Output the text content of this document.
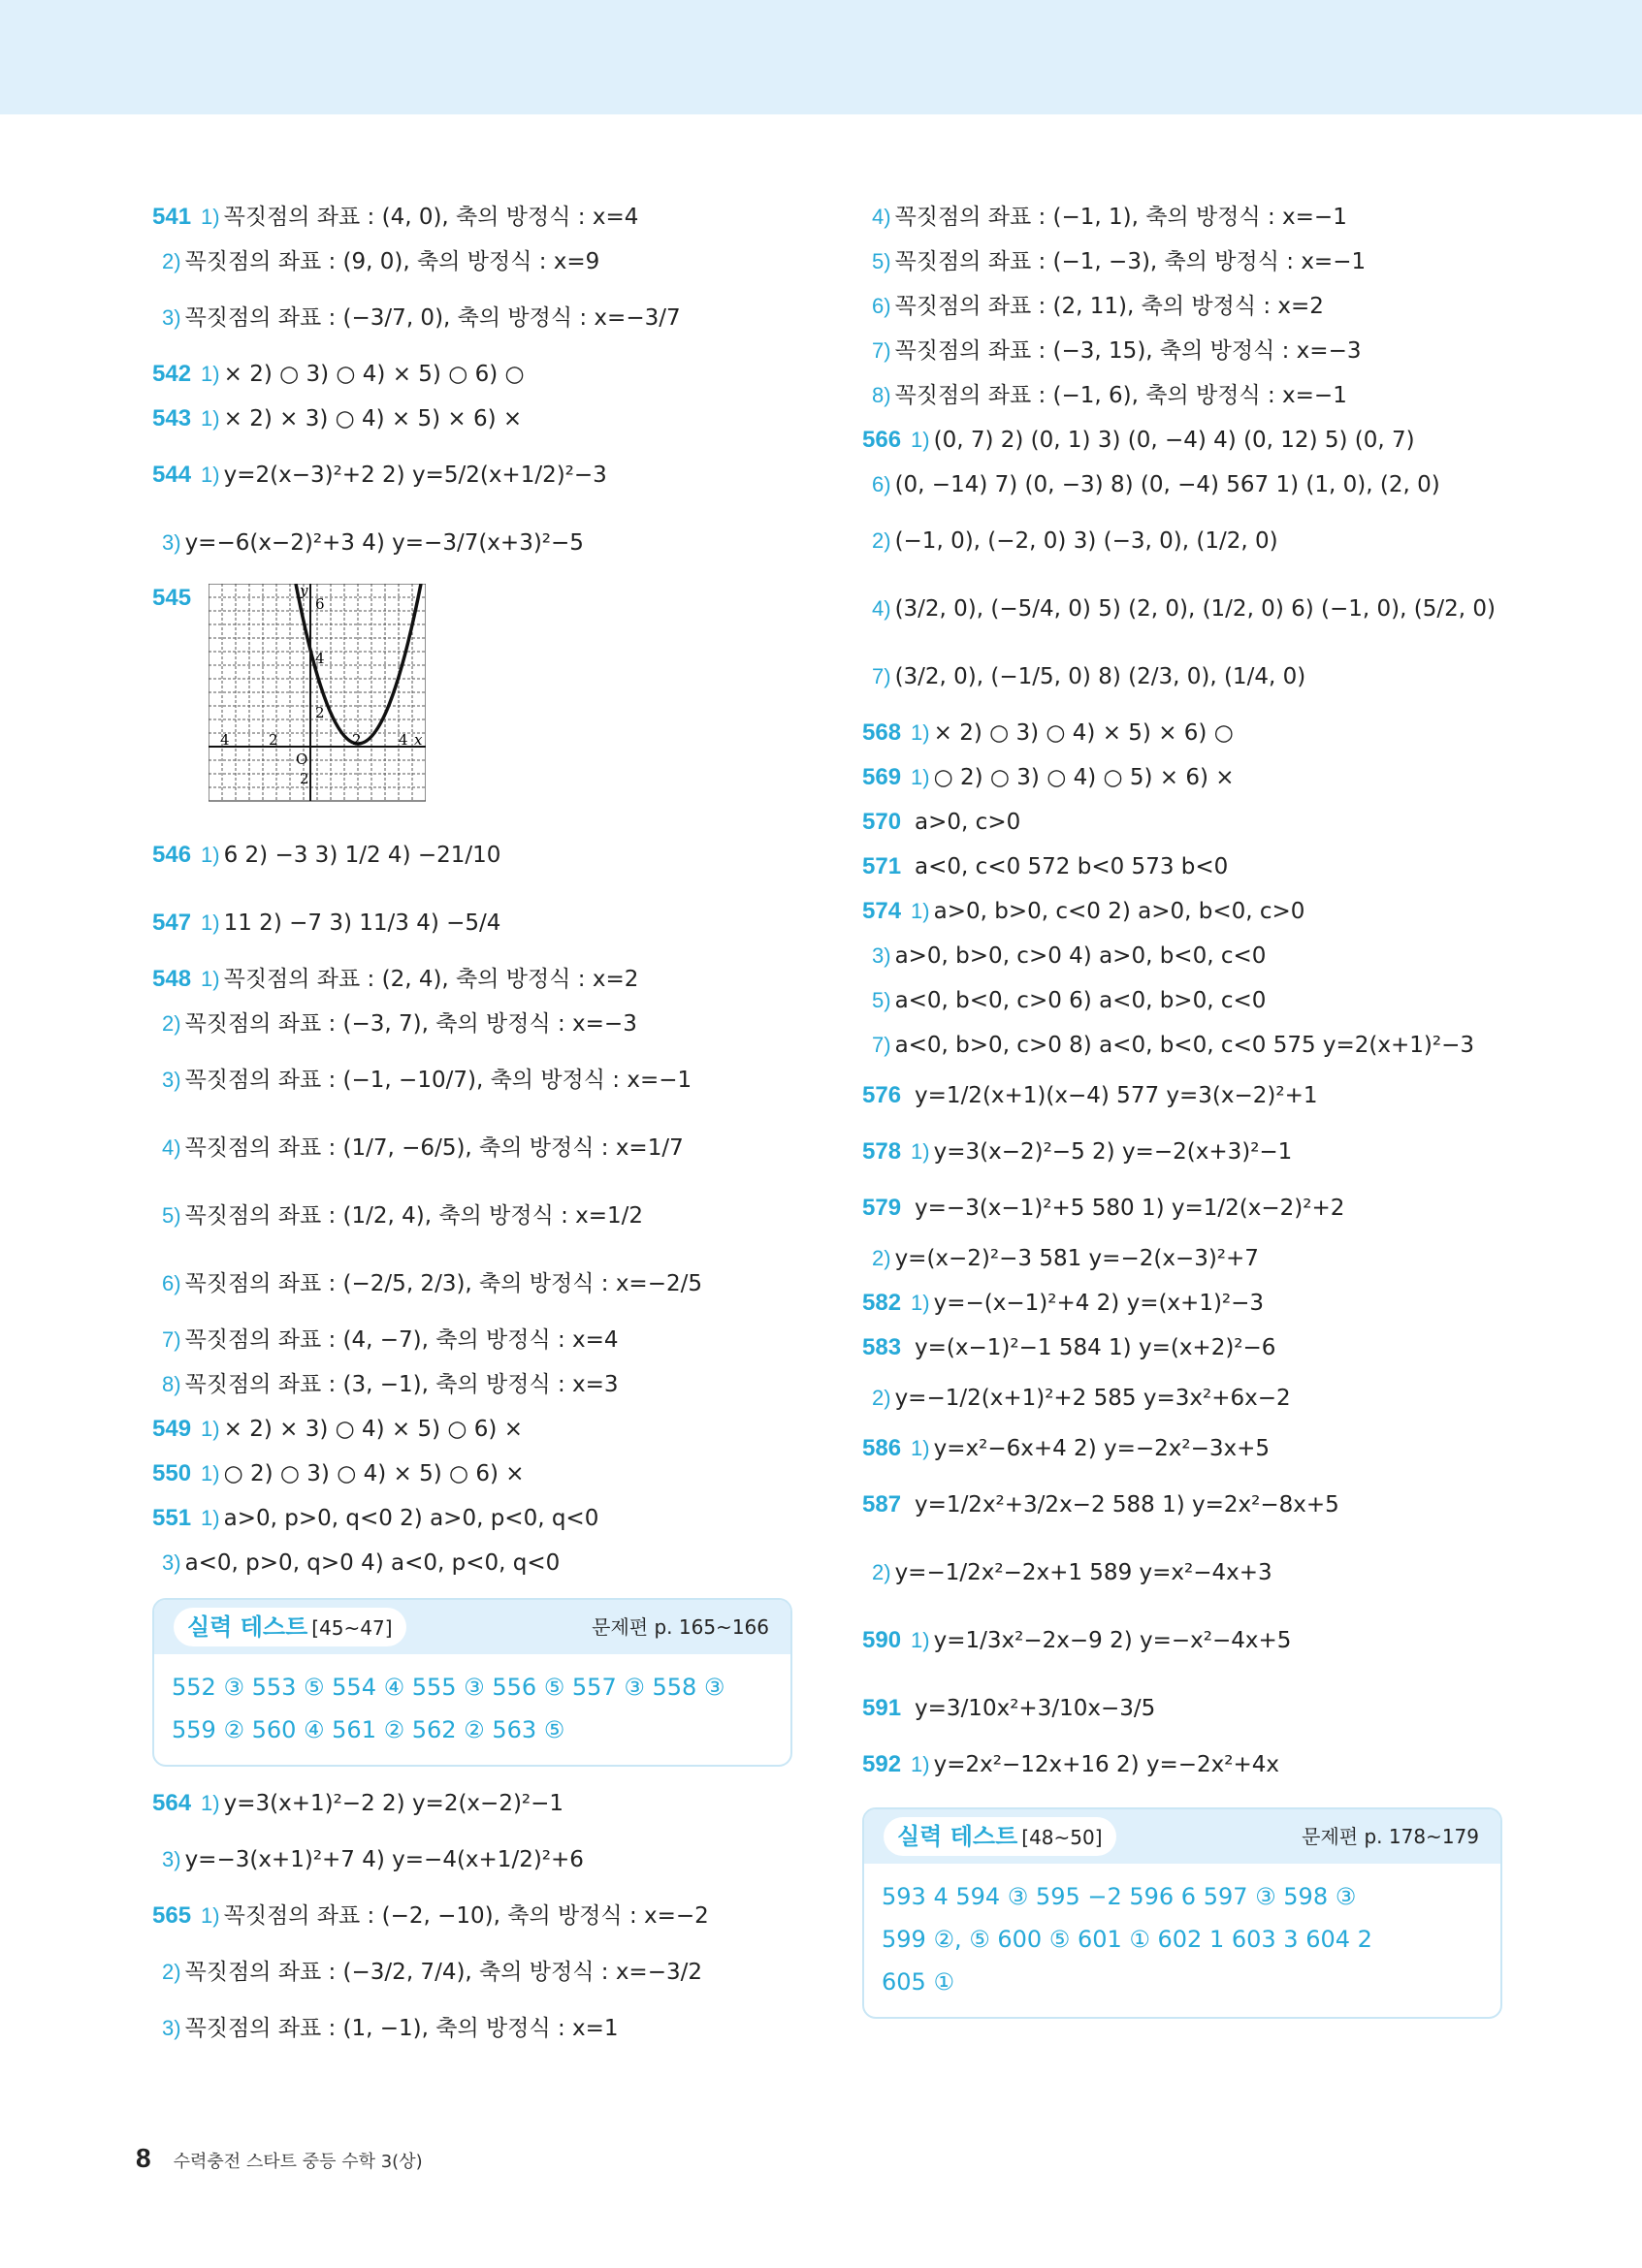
541 1) 꼭짓점의 좌표 : (4, 0), 축의 방정식 : x=4
2) 꼭짓점의 좌표 : (9, 0), 축의 방정식 : x=9
3) 꼭짓점의 좌표 : (−3/7, 0), 축의 방정식 : x=−3/7
542 1) × 2) ○ 3) ○ 4) × 5) ○ 6) ○
543 1) × 2) × 3) ○ 4) × 5) × 6) ×
544 1) y=2(x−3)²+2 2) y=5/2(x+1/2)²−3
3) y=−6(x−2)²+3 4) y=−3/7(x+3)²−5
545
4	2
O
2	4 x
y
6
4
2
2
546 1) 6 2) −3 3) 1/2 4) −21/10
547 1) 11 2) −7 3) 11/3 4) −5/4
548 1) 꼭짓점의 좌표 : (2, 4), 축의 방정식 : x=2
2) 꼭짓점의 좌표 : (−3, 7), 축의 방정식 : x=−3
3) 꼭짓점의 좌표 : (−1, −10/7), 축의 방정식 : x=−1
4) 꼭짓점의 좌표 : (1/7, −6/5), 축의 방정식 : x=1/7
5) 꼭짓점의 좌표 : (1/2, 4), 축의 방정식 : x=1/2
6) 꼭짓점의 좌표 : (−2/5, 2/3), 축의 방정식 : x=−2/5
7) 꼭짓점의 좌표 : (4, −7), 축의 방정식 : x=4
8) 꼭짓점의 좌표 : (3, −1), 축의 방정식 : x=3
549 1) × 2) × 3) ○ 4) × 5) ○ 6) ×
550 1) ○ 2) ○ 3) ○ 4) × 5) ○ 6) ×
551 1) a>0, p>0, q<0 2) a>0, p<0, q<0
3) a<0, p>0, q>0 4) a<0, p<0, q<0
실력 테스트 [45~47]	문제편 p. 165~166
552 ③ 553 ⑤ 554 ④ 555 ③ 556 ⑤ 557 ③ 558 ③
559 ② 560 ④ 561 ② 562 ② 563 ⑤
564 1) y=3(x+1)²−2 2) y=2(x−2)²−1
3) y=−3(x+1)²+7 4) y=−4(x+1/2)²+6
565 1) 꼭짓점의 좌표 : (−2, −10), 축의 방정식 : x=−2
2) 꼭짓점의 좌표 : (−3/2, 7/4), 축의 방정식 : x=−3/2
3) 꼭짓점의 좌표 : (1, −1), 축의 방정식 : x=1
4) 꼭짓점의 좌표 : (−1, 1), 축의 방정식 : x=−1
5) 꼭짓점의 좌표 : (−1, −3), 축의 방정식 : x=−1
6) 꼭짓점의 좌표 : (2, 11), 축의 방정식 : x=2
7) 꼭짓점의 좌표 : (−3, 15), 축의 방정식 : x=−3
8) 꼭짓점의 좌표 : (−1, 6), 축의 방정식 : x=−1
566 1) (0, 7) 2) (0, 1) 3) (0, −4) 4) (0, 12) 5) (0, 7)
6) (0, −14) 7) (0, −3) 8) (0, −4) 567 1) (1, 0), (2, 0)
2) (−1, 0), (−2, 0) 3) (−3, 0), (1/2, 0)
4) (3/2, 0), (−5/4, 0) 5) (2, 0), (1/2, 0) 6) (−1, 0), (5/2, 0)
7) (3/2, 0), (−1/5, 0) 8) (2/3, 0), (1/4, 0)
568 1) × 2) ○ 3) ○ 4) × 5) × 6) ○
569 1) ○ 2) ○ 3) ○ 4) ○ 5) × 6) ×
570 a>0, c>0
571 a<0, c<0 572 b<0 573 b<0
574 1) a>0, b>0, c<0 2) a>0, b<0, c>0
3) a>0, b>0, c>0 4) a>0, b<0, c<0
5) a<0, b<0, c>0 6) a<0, b>0, c<0
7) a<0, b>0, c>0 8) a<0, b<0, c<0 575 y=2(x+1)²−3
576 y=1/2(x+1)(x−4) 577 y=3(x−2)²+1
578 1) y=3(x−2)²−5 2) y=−2(x+3)²−1
579 y=−3(x−1)²+5 580 1) y=1/2(x−2)²+2
2) y=(x−2)²−3 581 y=−2(x−3)²+7
582 1) y=−(x−1)²+4 2) y=(x+1)²−3
583 y=(x−1)²−1 584 1) y=(x+2)²−6
2) y=−1/2(x+1)²+2 585 y=3x²+6x−2
586 1) y=x²−6x+4 2) y=−2x²−3x+5
587 y=1/2x²+3/2x−2 588 1) y=2x²−8x+5
2) y=−1/2x²−2x+1 589 y=x²−4x+3
590 1) y=1/3x²−2x−9 2) y=−x²−4x+5
591 y=3/10x²+3/10x−3/5
592 1) y=2x²−12x+16 2) y=−2x²+4x
실력 테스트 [48~50]	문제편 p. 178~179
593 4 594 ③ 595 −2 596 6 597 ③ 598 ③
599 ②, ⑤ 600 ⑤ 601 ① 602 1 603 3 604 2
605 ①
8 수력충전 스타트 중등 수학 3(상)
